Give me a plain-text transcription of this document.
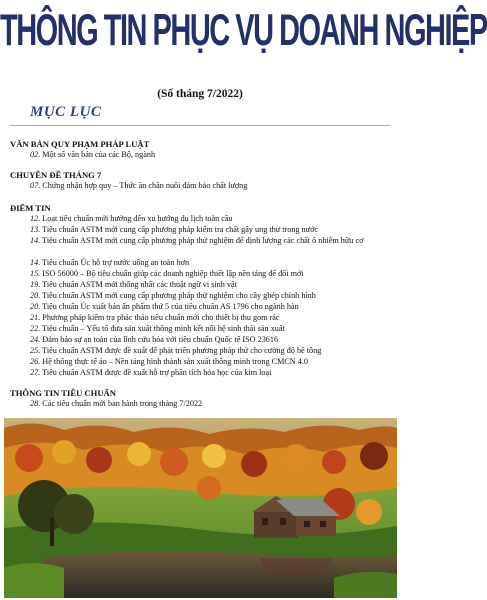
THÔNG TIN PHỤC VỤ DOANH NGHIỆP
(Số tháng 7/2022)
MỤC LỤC
VĂN BẢN QUY PHẠM PHÁP LUẬT
02. Một số văn bản của các Bộ, ngành
CHUYÊN ĐỀ THÁNG 7
07. Chứng nhận hợp quy – Thức ăn chăn nuôi đảm bảo chất lượng
ĐIỂM TIN
12. Loạt tiêu chuẩn mới hướng đến xu hướng du lịch toàn cầu
13. Tiêu chuẩn ASTM mới cung cấp phương pháp kiểm tra chất gây ung thư trong nước
14. Tiêu chuẩn ASTM mới cung cấp phương pháp thử nghiệm để định lượng các chất ô nhiễm hữu cơ
14. Tiêu chuẩn Úc hỗ trợ nước uống an toàn hơn
15. ISO 56000 – Bộ tiêu chuẩn giúp các doanh nghiệp thiết lập nền tảng để đổi mới
19. Tiêu chuẩn ASTM mới thống nhất các thuật ngữ vi sinh vật
20. Tiêu chuẩn ASTM mới cung cấp phương pháp thử nghiệm cho cây ghép chính hình
20. Tiêu chuẩn Úc xuất bản ấn phẩm thứ 5 của tiêu chuẩn AS 1796 cho ngành hàn
21. Phương pháp kiểm tra phác thảo tiêu chuẩn mới cho thiết bị thu gom rác
22. Tiêu chuẩn – Yếu tố đưa sản xuất thông minh kết nối hệ sinh thái sản xuất
24. Đảm bảo sự an toàn của lĩnh cứu hỏa với tiêu chuẩn Quốc tế ISO 23616
25. Tiêu chuẩn ASTM được đề xuất để phát triển phương pháp thử cho cường độ bê tông
26. Hệ thống thực tế ảo – Nền tảng hình thành sản xuất thông minh trong CMCN 4.0
27. Tiêu chuẩn ASTM được đề xuất hỗ trợ phân tích hóa học của kim loại
THÔNG TIN TIÊU CHUẨN
28. Các tiêu chuẩn mới ban hành trong tháng 7/2022
